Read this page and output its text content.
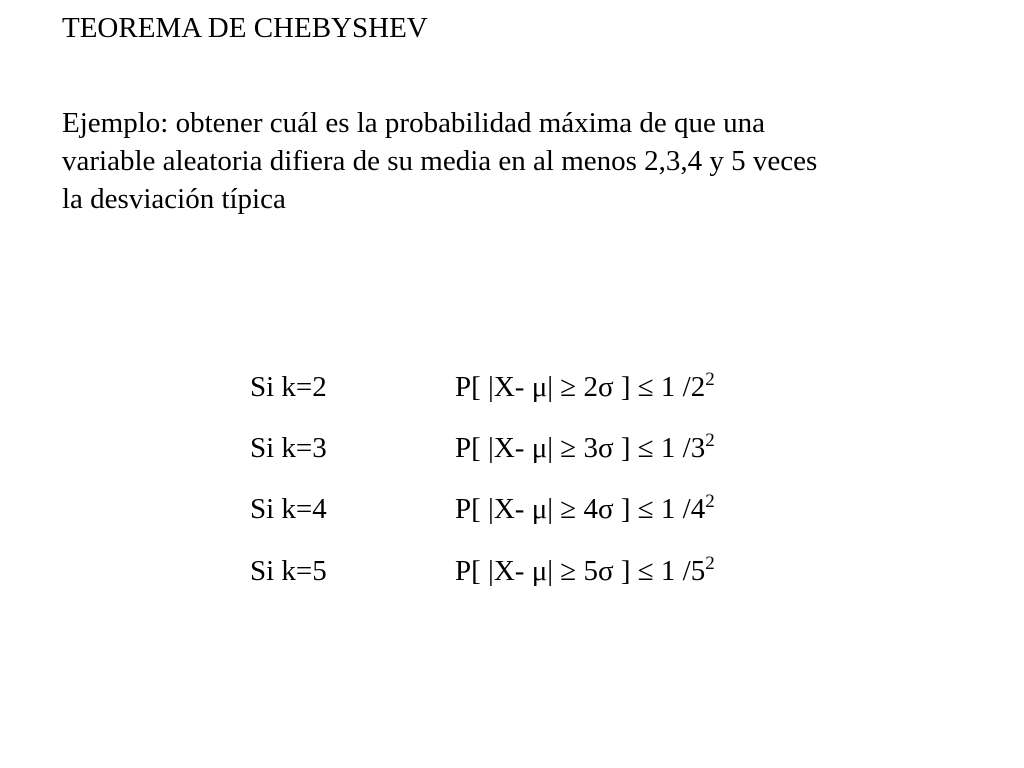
TEOREMA DE CHEBYSHEV
Ejemplo: obtener cuál es la probabilidad máxima de que una
variable aleatoria difiera de su media en al menos 2,3,4 y 5 veces
la desviación típica
Si k=2	P[ |X- μ| ≥ 2σ ] ≤ 1 $/2^2$
Si k=3	P[ |X- μ| ≥ 3σ ] ≤ 1 $/3^2$
Si k=4	P[ |X- μ| ≥ 4σ ] ≤ 1 $/4^2$
Si k=5	P[ |X- μ| ≥ 5σ ] ≤ 1 $/5^2$
